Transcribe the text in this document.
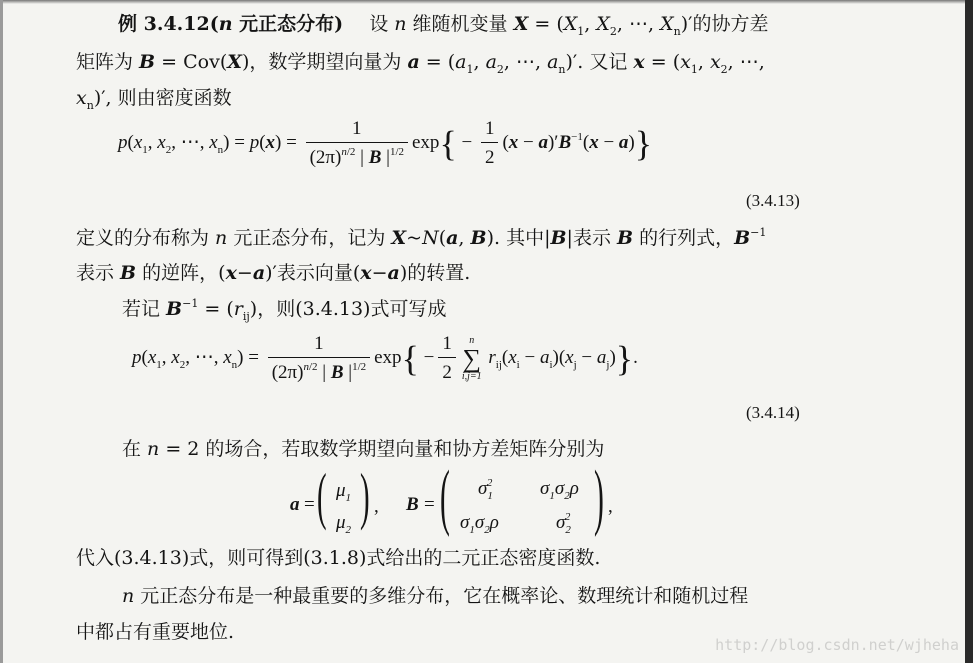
例 3.4.12(n 元正态分布) 设 n 维随机变量 $X = (X_1$, $X_2$, ⋯, $X_n)'$的协方差
矩阵为 B = Cov(X)，数学期望向量为 $a = (a_1$, $a_2$, ⋯, $a_n)'$. 又记 $x = (x_1$, $x_2$, ⋯,
$x_n)'$, 则由密度函数
$p(x_1$, $x_2$, ⋯, $x_n) = p(x) = \frac{1}{(2\pi)^{n/2} | B |^{1/2}} \exp\{ - \frac{1}{2} (x - a)'B^{-1}(x - a)\}$
(3.4.13)
定义的分布称为 n 元正态分布，记为 X~N(a, B). 其中|B|表示 B 的行列式，$B^{-1}$
表示 B 的逆阵，(x−a)′表示向量(x−a)的转置.
若记 $B^{-1} = (r_{ij})$，则(3.4.13)式可写成
$p(x_1$, $x_2$, ⋯, $x_n) = \frac{1}{(2\pi)^{n/2} | B |^{1/2}} \exp\{ - \frac{1}{2}$	n
∑
i,j=1
$r_{ij}(x_i - a_i)(x_j - a_j)$}.
(3.4.14)
在 n = 2 的场合，若取数学期望向量和协方差矩阵分别为
a = ( $\mu_1$
$\mu_2$ ) , B = ( $\sigma_1^2$	$\sigma_1\sigma_2\rho$
$\sigma_1\sigma_2\rho$	$\sigma_2^2$ ) ,
代入(3.4.13)式，则可得到(3.1.8)式给出的二元正态密度函数.
n 元正态分布是一种最重要的多维分布，它在概率论、数理统计和随机过程
中都占有重要地位.
http://blog.csdn.net/wjheha
